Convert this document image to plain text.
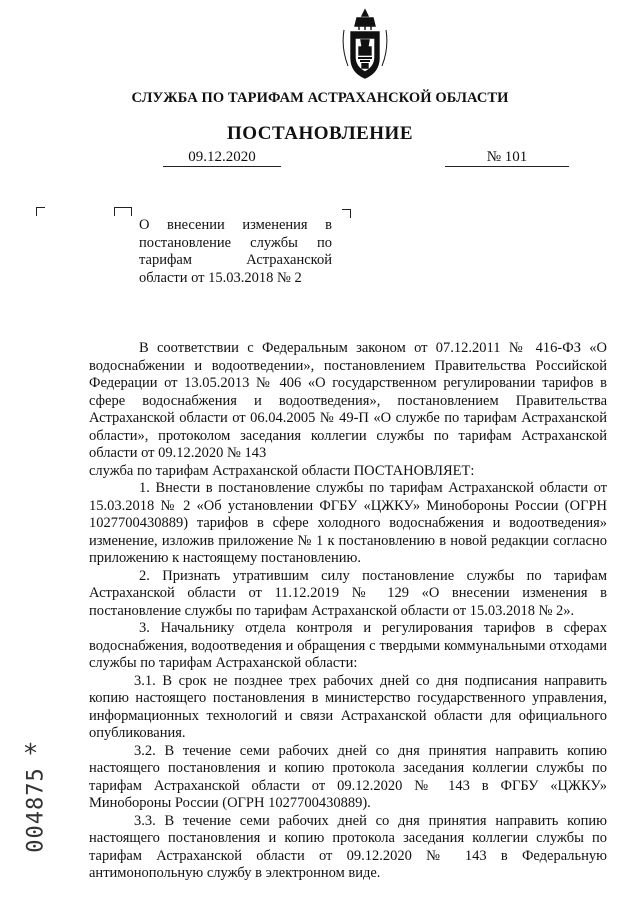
СЛУЖБА ПО ТАРИФАМ АСТРАХАНСКОЙ ОБЛАСТИ
ПОСТАНОВЛЕНИЕ
09.12.2020	№ 101
О внесении изменения в постановление службы по тарифам Астраханской области от 15.03.2018 № 2

В соответствии с Федеральным законом от 07.12.2011 № 416-ФЗ «О водоснабжении и водоотведении», постановлением Правительства Российской Федерации от 13.05.2013 № 406 «О государственном регулировании тарифов в сфере водоснабжения и водоотведения», постановлением Правительства Астраханской области от 06.04.2005 № 49-П «О службе по тарифам Астраханской области», протоколом заседания коллегии службы по тарифам Астраханской области от 09.12.2020 № 143

служба по тарифам Астраханской области ПОСТАНОВЛЯЕТ:

1. Внести в постановление службы по тарифам Астраханской области от 15.03.2018 № 2 «Об установлении ФГБУ «ЦЖКУ» Минобороны России (ОГРН 1027700430889) тарифов в сфере холодного водоснабжения и водоотведения» изменение, изложив приложение № 1 к постановлению в новой редакции согласно приложению к настоящему постановлению.

2. Признать утратившим силу постановление службы по тарифам Астраханской области от 11.12.2019 № 129 «О внесении изменения в постановление службы по тарифам Астраханской области от 15.03.2018 № 2».

3. Начальнику отдела контроля и регулирования тарифов в сферах водоснабжения, водоотведения и обращения с твердыми коммунальными отходами службы по тарифам Астраханской области:

3.1. В срок не позднее трех рабочих дней со дня подписания направить копию настоящего постановления в министерство государственного управления, информационных технологий и связи Астраханской области для официального опубликования.

3.2. В течение семи рабочих дней со дня принятия направить копию настоящего постановления и копию протокола заседания коллегии службы по тарифам Астраханской области от 09.12.2020 № 143 в ФГБУ «ЦЖКУ» Минобороны России (ОГРН 1027700430889).

3.3. В течение семи рабочих дней со дня принятия направить копию настоящего постановления и копию протокола заседания коллегии службы по тарифам Астраханской области от 09.12.2020 № 143 в Федеральную антимонопольную службу в электронном виде.

*
004875
